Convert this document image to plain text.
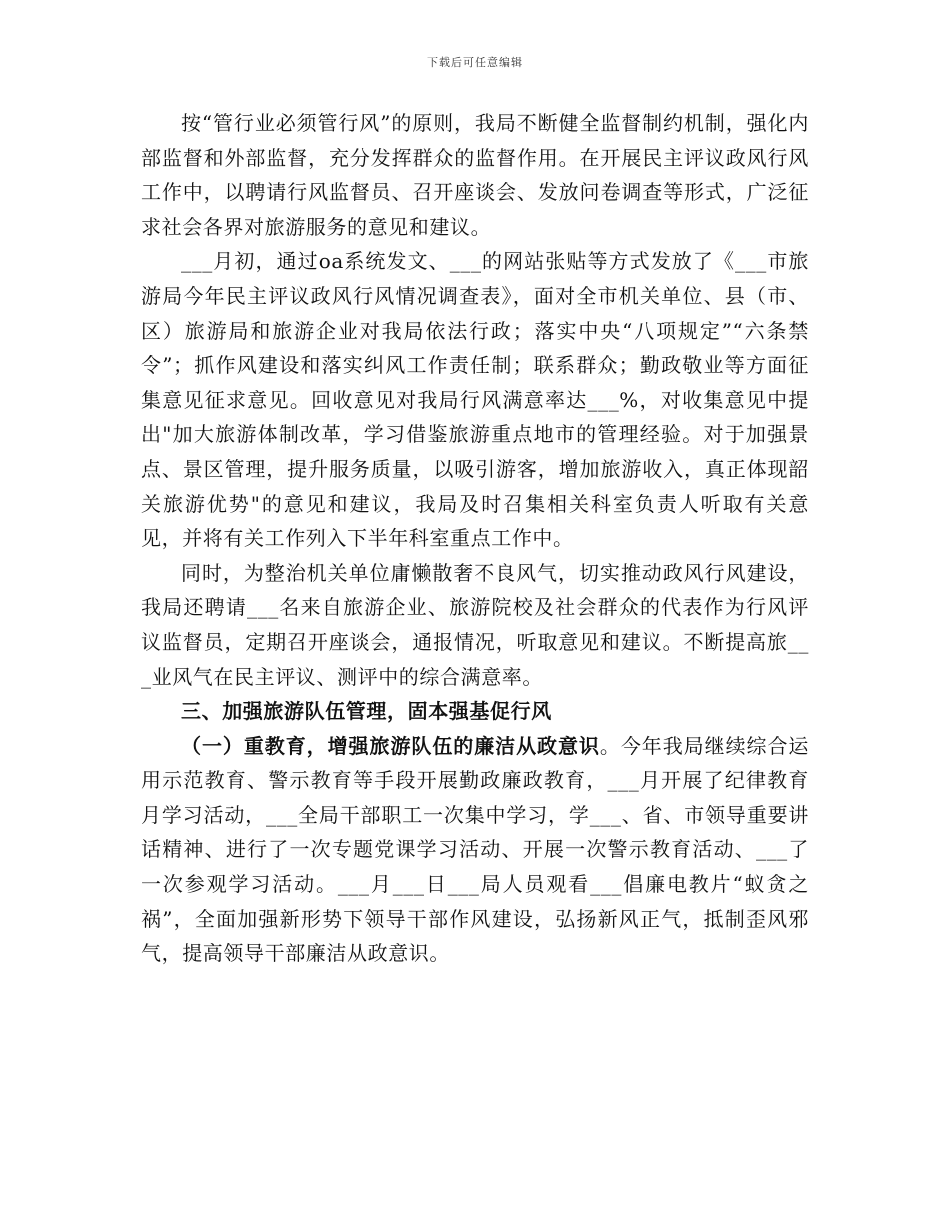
下载后可任意编辑

按“管行业必须管行风”的原则，我局不断健全监督制约机制，强化内部监督和外部监督，充分发挥群众的监督作用。在开展民主评议政风行风工作中，以聘请行风监督员、召开座谈会、发放问卷调查等形式，广泛征求社会各界对旅游服务的意见和建议。

___月初，通过oa系统发文、___的网站张贴等方式发放了《___市旅游局今年民主评议政风行风情况调查表》，面对全市机关单位、县（市、区）旅游局和旅游企业对我局依法行政；落实中央“八项规定”“六条禁令”；抓作风建设和落实纠风工作责任制；联系群众；勤政敬业等方面征集意见征求意见。回收意见对我局行风满意率达___%，对收集意见中提出"加大旅游体制改革，学习借鉴旅游重点地市的管理经验。对于加强景点、景区管理，提升服务质量，以吸引游客，增加旅游收入，真正体现韶关旅游优势"的意见和建议，我局及时召集相关科室负责人听取有关意见，并将有关工作列入下半年科室重点工作中。

同时，为整治机关单位庸懒散奢不良风气，切实推动政风行风建设，我局还聘请___名来自旅游企业、旅游院校及社会群众的代表作为行风评议监督员，定期召开座谈会，通报情况，听取意见和建议。不断提高旅___业风气在民主评议、测评中的综合满意率。

三、加强旅游队伍管理，固本强基促行风

（一）重教育，增强旅游队伍的廉洁从政意识。今年我局继续综合运用示范教育、警示教育等手段开展勤政廉政教育，___月开展了纪律教育月学习活动，___全局干部职工一次集中学习，学___、省、市领导重要讲话精神、进行了一次专题党课学习活动、开展一次警示教育活动、___了一次参观学习活动。___月___日___局人员观看___倡廉电教片“蚁贪之祸”，全面加强新形势下领导干部作风建设，弘扬新风正气，抵制歪风邪气，提高领导干部廉洁从政意识。
